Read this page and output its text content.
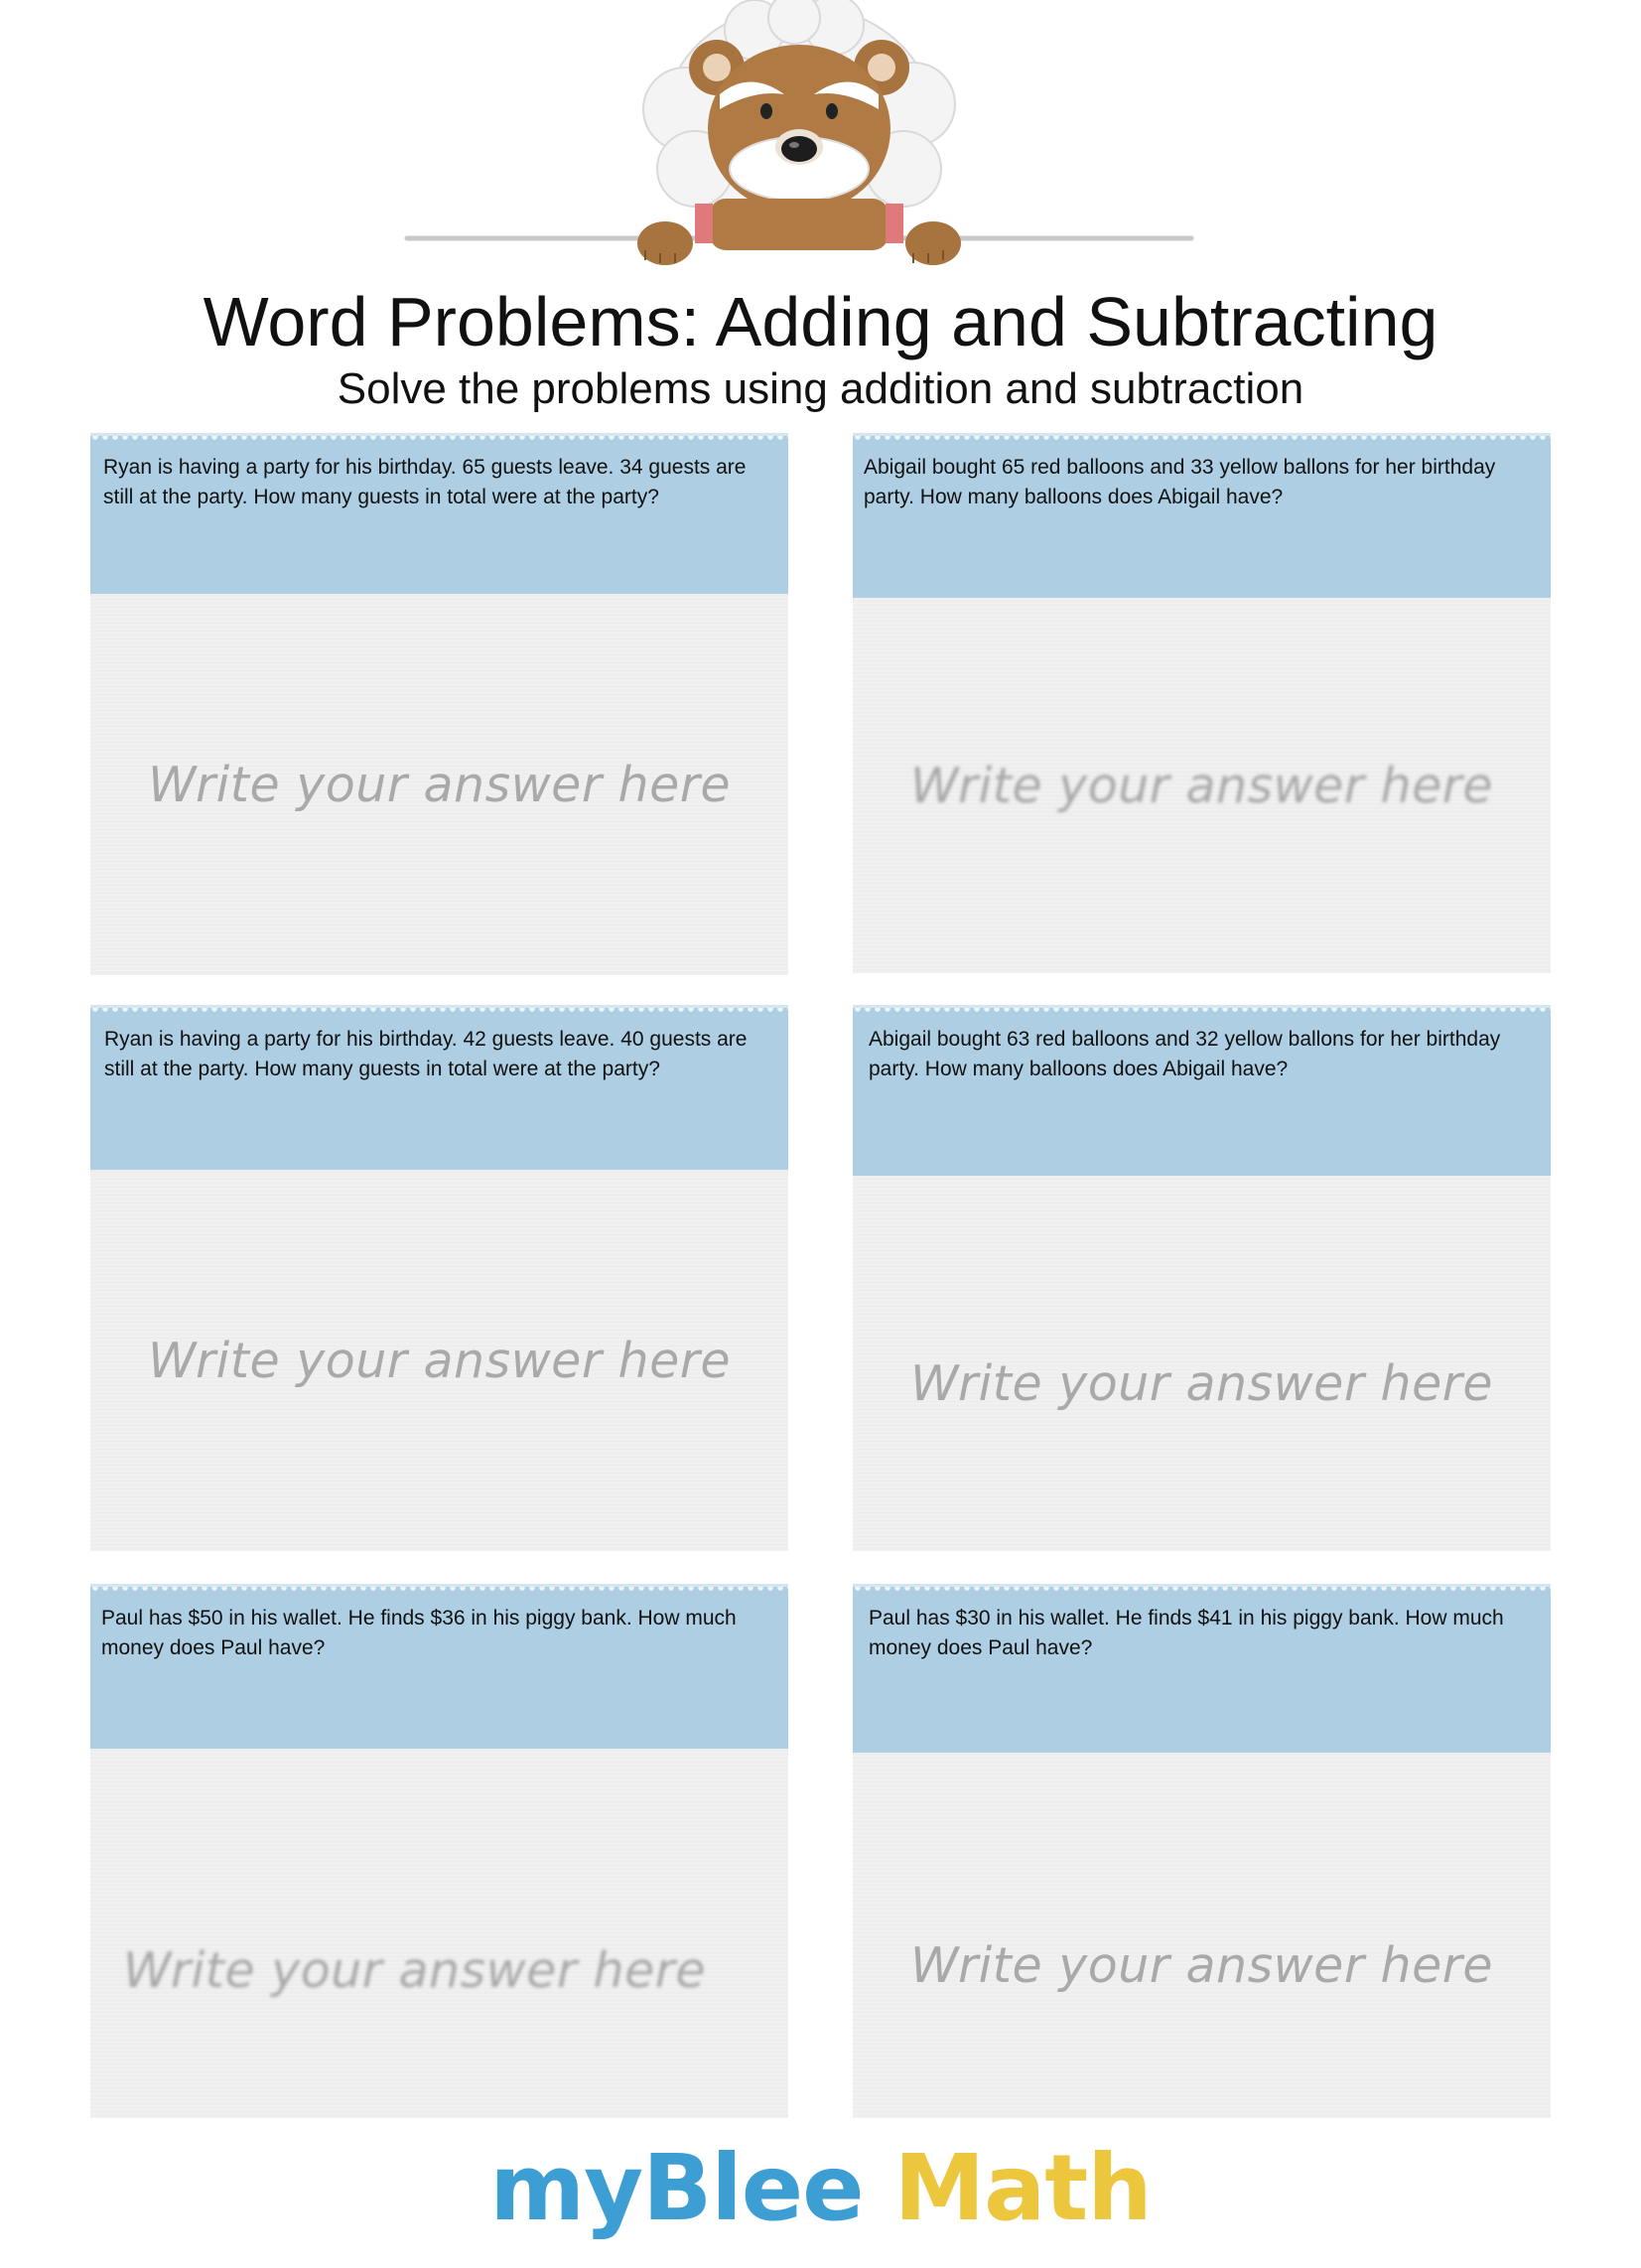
Word Problems: Adding and Subtracting
Solve the problems using addition and subtraction
Ryan is having a party for his birthday. 65 guests leave. 34 guests are still at the party. How many guests in total were at the party?
Write your answer here
Abigail bought 65 red balloons and 33 yellow ballons for her birthday party. How many balloons does Abigail have?
Write your answer here
Ryan is having a party for his birthday. 42 guests leave. 40 guests are still at the party. How many guests in total were at the party?
Write your answer here
Abigail bought 63 red balloons and 32 yellow ballons for her birthday party. How many balloons does Abigail have?
Write your answer here
Paul has $50 in his wallet. He finds $36 in his piggy bank. How much money does Paul have?
Write your answer here
Paul has $30 in his wallet. He finds $41 in his piggy bank. How much money does Paul have?
Write your answer here
myBlee Math
